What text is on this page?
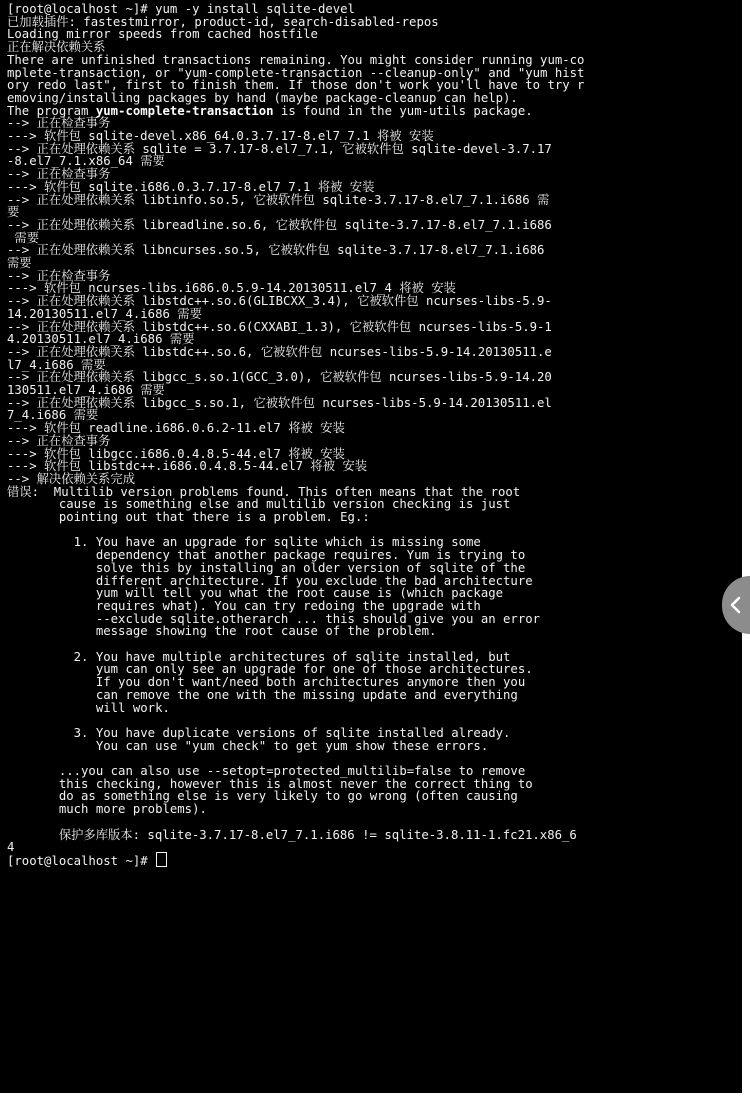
[root@localhost ~]# yum -y install sqlite-devel
已加载插件: fastestmirror, product-id, search-disabled-repos
Loading mirror speeds from cached hostfile
正在解决依赖关系
There are unfinished transactions remaining. You might consider running yum-co
mplete-transaction, or "yum-complete-transaction --cleanup-only" and "yum hist
ory redo last", first to finish them. If those don't work you'll have to try r
emoving/installing packages by hand (maybe package-cleanup can help).
The program yum-complete-transaction is found in the yum-utils package.
--> 正在检查事务
---> 软件包 sqlite-devel.x86_64.0.3.7.17-8.el7_7.1 将被 安装
--> 正在处理依赖关系 sqlite = 3.7.17-8.el7_7.1, 它被软件包 sqlite-devel-3.7.17
-8.el7_7.1.x86_64 需要
--> 正在检查事务
---> 软件包 sqlite.i686.0.3.7.17-8.el7_7.1 将被 安装
--> 正在处理依赖关系 libtinfo.so.5, 它被软件包 sqlite-3.7.17-8.el7_7.1.i686 需
要
--> 正在处理依赖关系 libreadline.so.6, 它被软件包 sqlite-3.7.17-8.el7_7.1.i686
需要
--> 正在处理依赖关系 libncurses.so.5, 它被软件包 sqlite-3.7.17-8.el7_7.1.i686
需要
--> 正在检查事务
---> 软件包 ncurses-libs.i686.0.5.9-14.20130511.el7_4 将被 安装
--> 正在处理依赖关系 libstdc++.so.6(GLIBCXX_3.4), 它被软件包 ncurses-libs-5.9-
14.20130511.el7_4.i686 需要
--> 正在处理依赖关系 libstdc++.so.6(CXXABI_1.3), 它被软件包 ncurses-libs-5.9-1
4.20130511.el7_4.i686 需要
--> 正在处理依赖关系 libstdc++.so.6, 它被软件包 ncurses-libs-5.9-14.20130511.e
l7_4.i686 需要
--> 正在处理依赖关系 libgcc_s.so.1(GCC_3.0), 它被软件包 ncurses-libs-5.9-14.20
130511.el7_4.i686 需要
--> 正在处理依赖关系 libgcc_s.so.1, 它被软件包 ncurses-libs-5.9-14.20130511.el
7_4.i686 需要
---> 软件包 readline.i686.0.6.2-11.el7 将被 安装
--> 正在检查事务
---> 软件包 libgcc.i686.0.4.8.5-44.el7 将被 安装
---> 软件包 libstdc++.i686.0.4.8.5-44.el7 将被 安装
--> 解决依赖关系完成
错误:  Multilib version problems found. This often means that the root
cause is something else and multilib version checking is just
pointing out that there is a problem. Eg.:
1. You have an upgrade for sqlite which is missing some
dependency that another package requires. Yum is trying to
solve this by installing an older version of sqlite of the
different architecture. If you exclude the bad architecture
yum will tell you what the root cause is (which package
requires what). You can try redoing the upgrade with
--exclude sqlite.otherarch ... this should give you an error
message showing the root cause of the problem.
2. You have multiple architectures of sqlite installed, but
yum can only see an upgrade for one of those architectures.
If you don't want/need both architectures anymore then you
can remove the one with the missing update and everything
will work.
3. You have duplicate versions of sqlite installed already.
You can use "yum check" to get yum show these errors.
...you can also use --setopt=protected_multilib=false to remove
this checking, however this is almost never the correct thing to
do as something else is very likely to go wrong (often causing
much more problems).
保护多库版本: sqlite-3.7.17-8.el7_7.1.i686 != sqlite-3.8.11-1.fc21.x86_6
4
[root@localhost ~]#
